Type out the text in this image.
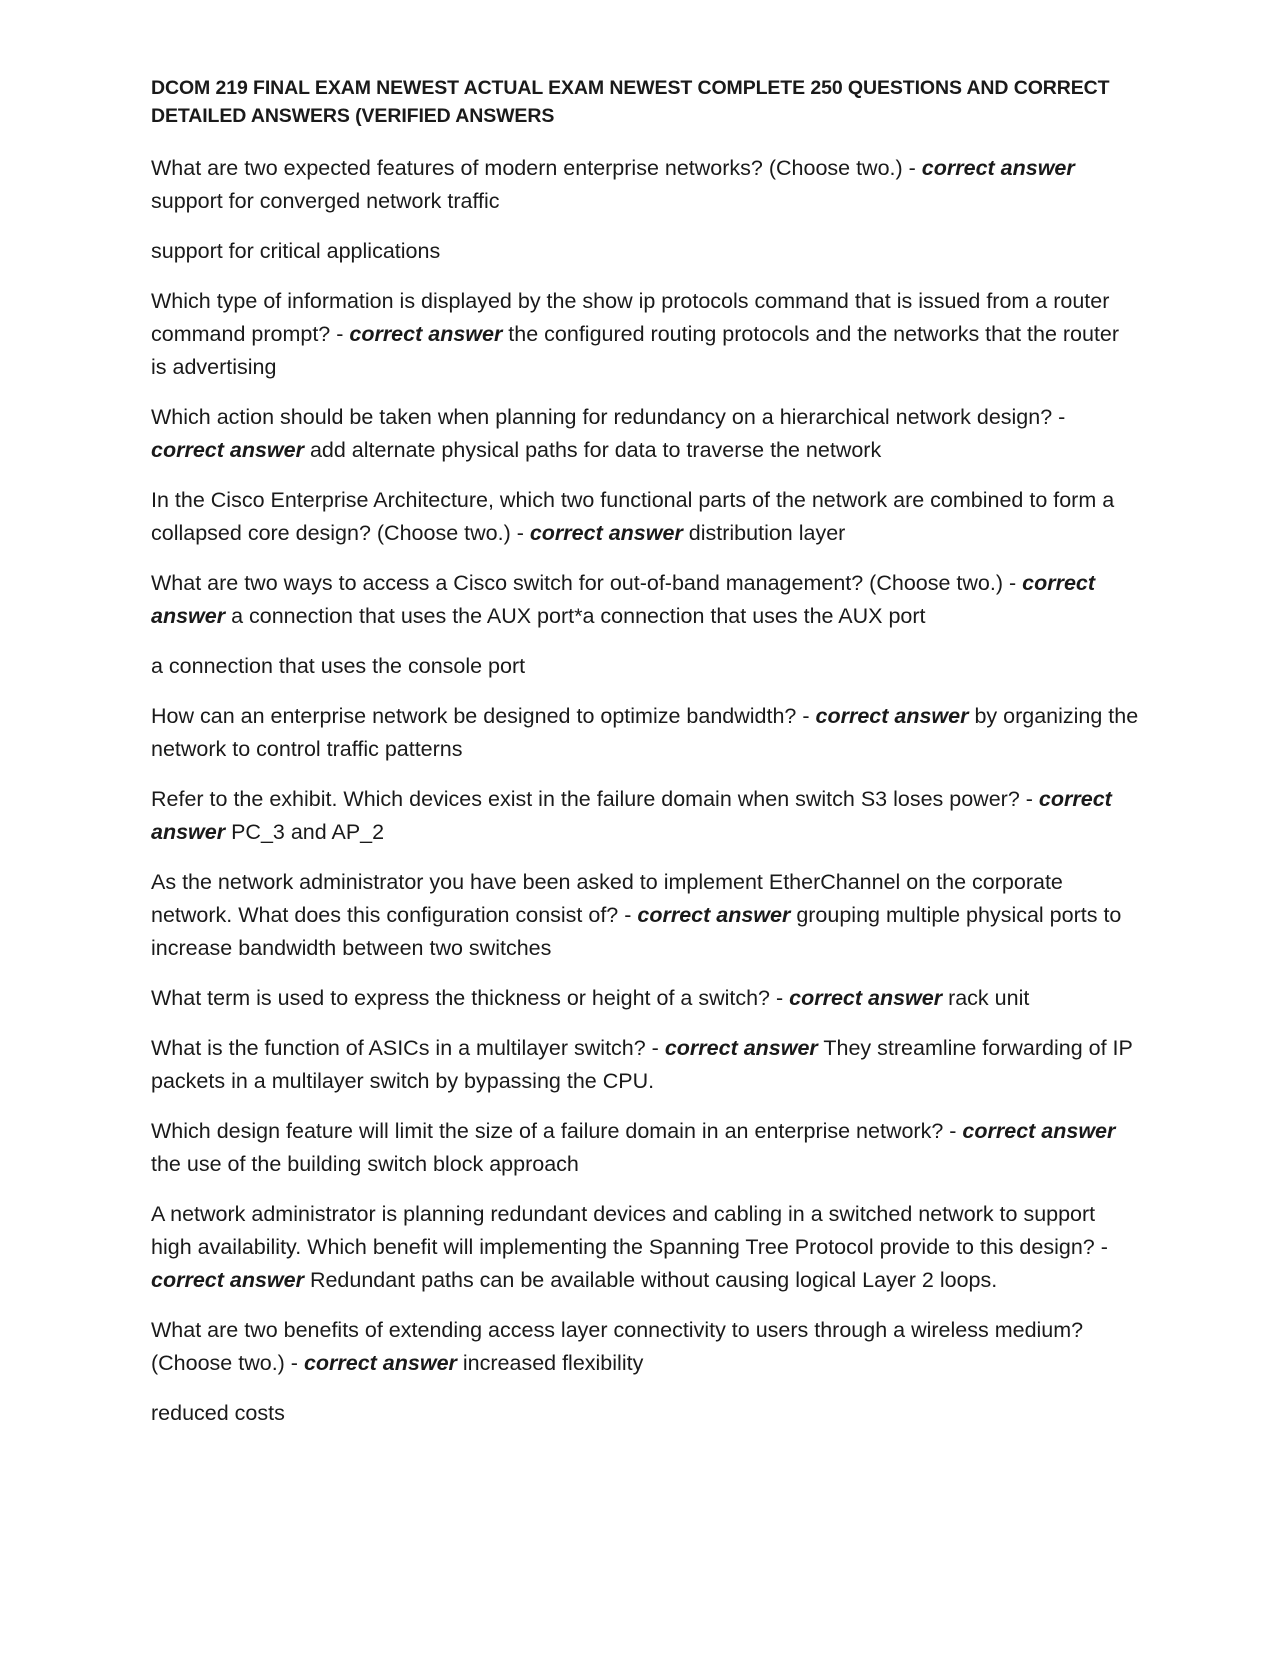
DCOM 219 FINAL EXAM NEWEST ACTUAL EXAM NEWEST COMPLETE 250 QUESTIONS AND CORRECT DETAILED ANSWERS (VERIFIED ANSWERS

What are two expected features of modern enterprise networks? (Choose two.) - correct answer support for converged network traffic

support for critical applications

Which type of information is displayed by the show ip protocols command that is issued from a router command prompt? - correct answer the configured routing protocols and the networks that the router is advertising

Which action should be taken when planning for redundancy on a hierarchical network design? - correct answer add alternate physical paths for data to traverse the network

In the Cisco Enterprise Architecture, which two functional parts of the network are combined to form a collapsed core design? (Choose two.) - correct answer distribution layer

What are two ways to access a Cisco switch for out-of-band management? (Choose two.) - correct answer a connection that uses the AUX port*a connection that uses the AUX port

a connection that uses the console port

How can an enterprise network be designed to optimize bandwidth? - correct answer by organizing the network to control traffic patterns

Refer to the exhibit. Which devices exist in the failure domain when switch S3 loses power? - correct answer PC_3 and AP_2

As the network administrator you have been asked to implement EtherChannel on the corporate network. What does this configuration consist of? - correct answer grouping multiple physical ports to increase bandwidth between two switches

What term is used to express the thickness or height of a switch? - correct answer rack unit

What is the function of ASICs in a multilayer switch? - correct answer They streamline forwarding of IP packets in a multilayer switch by bypassing the CPU.

Which design feature will limit the size of a failure domain in an enterprise network? - correct answer the use of the building switch block approach

A network administrator is planning redundant devices and cabling in a switched network to support high availability. Which benefit will implementing the Spanning Tree Protocol provide to this design? - correct answer Redundant paths can be available without causing logical Layer 2 loops.

What are two benefits of extending access layer connectivity to users through a wireless medium? (Choose two.) - correct answer increased flexibility

reduced costs
